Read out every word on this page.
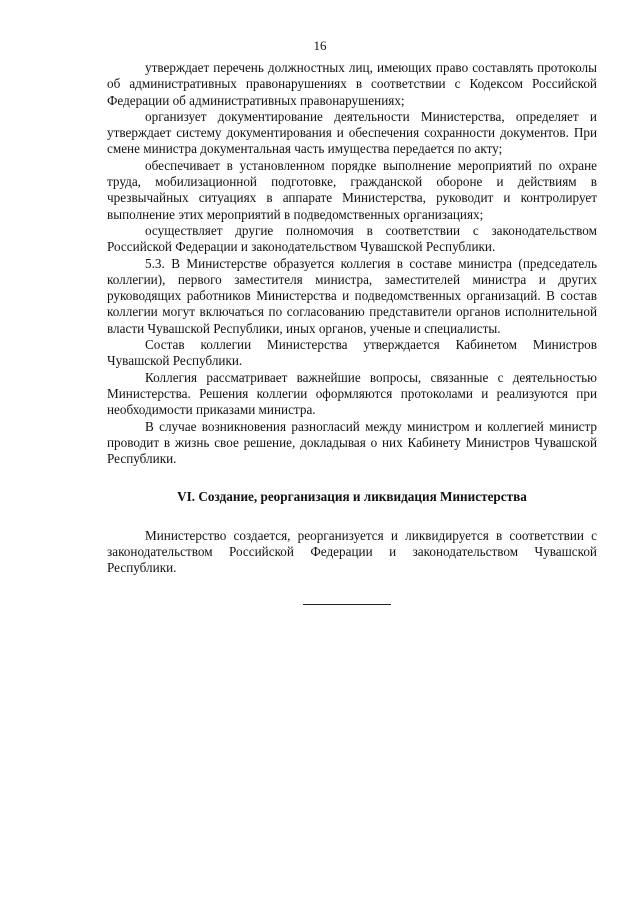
16

утверждает перечень должностных лиц, имеющих право составлять протоколы об административных правонарушениях в соответствии с Кодексом Российской Федерации об административных правонарушениях;

организует документирование деятельности Министерства, определяет и утверждает систему документирования и обеспечения сохранности документов. При смене министра документальная часть имущества передается по акту;

обеспечивает в установленном порядке выполнение мероприятий по охране труда, мобилизационной подготовке, гражданской обороне и действиям в чрезвычайных ситуациях в аппарате Министерства, руководит и контролирует выполнение этих мероприятий в подведомственных организациях;

осуществляет другие полномочия в соответствии с законодательством Российской Федерации и законодательством Чувашской Республики.

5.3. В Министерстве образуется коллегия в составе министра (председатель коллегии), первого заместителя министра, заместителей министра и других руководящих работников Министерства и подведомственных организаций. В состав коллегии могут включаться по согласованию представители органов исполнительной власти Чувашской Республики, иных органов, ученые и специалисты.

Состав коллегии Министерства утверждается Кабинетом Министров Чувашской Республики.

Коллегия рассматривает важнейшие вопросы, связанные с деятельностью Министерства. Решения коллегии оформляются протоколами и реализуются при необходимости приказами министра.

В случае возникновения разногласий между министром и коллегией министр проводит в жизнь свое решение, докладывая о них Кабинету Министров Чувашской Республики.

VI. Создание, реорганизация и ликвидация Министерства

Министерство создается, реорганизуется и ликвидируется в соответствии с законодательством Российской Федерации и законодательством Чувашской Республики.
